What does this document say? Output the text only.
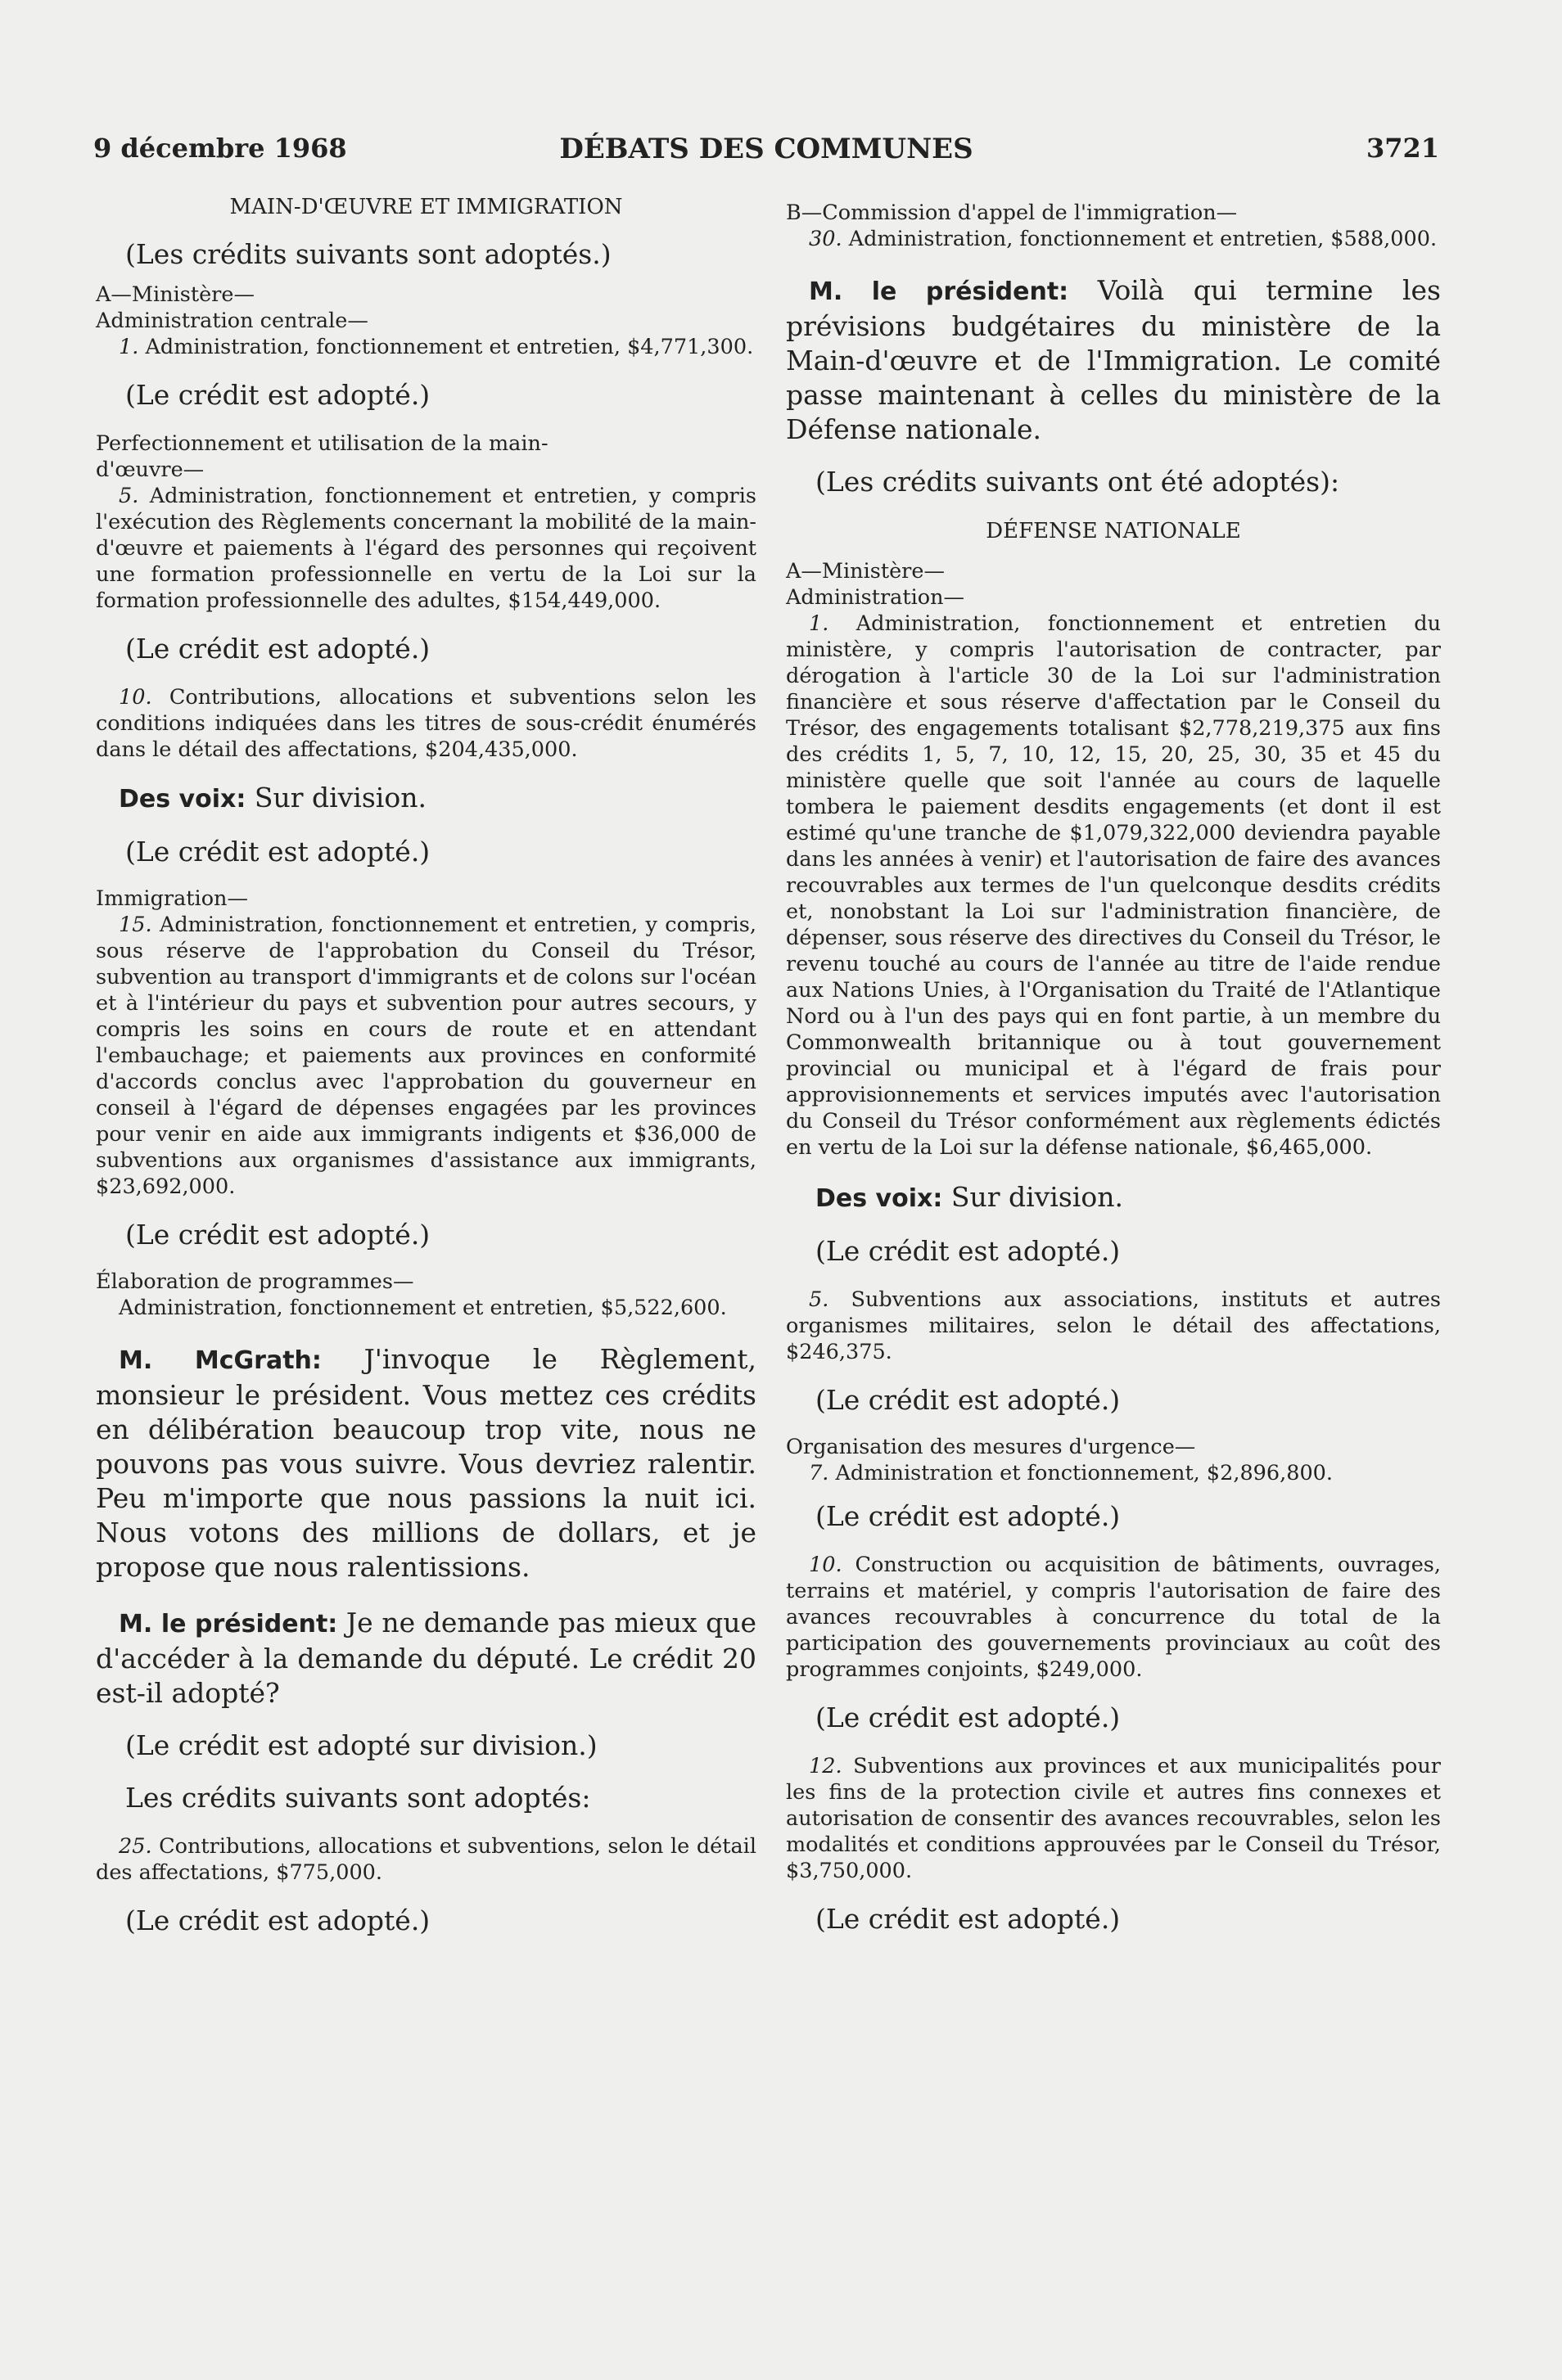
9 décembre 1968	DÉBATS DES COMMUNES	3721

MAIN-D'ŒUVRE ET IMMIGRATION

(Les crédits suivants sont adoptés.)

A—Ministère—

Administration centrale—

1. Administration, fonctionnement et entretien, $4,771,300.

(Le crédit est adopté.)

Perfectionnement et utilisation de la main-d'œuvre—

5. Administration, fonctionnement et entretien, y compris l'exécution des Règlements concernant la mobilité de la main-d'œuvre et paiements à l'égard des personnes qui reçoivent une formation professionnelle en vertu de la Loi sur la formation professionnelle des adultes, $154,449,000.

(Le crédit est adopté.)

10. Contributions, allocations et subventions selon les conditions indiquées dans les titres de sous-crédit énumérés dans le détail des affectations, $204,435,000.

Des voix: Sur division.

(Le crédit est adopté.)

Immigration—

15. Administration, fonctionnement et entretien, y compris, sous réserve de l'approbation du Conseil du Trésor, subvention au transport d'immigrants et de colons sur l'océan et à l'intérieur du pays et subvention pour autres secours, y compris les soins en cours de route et en attendant l'embauchage; et paiements aux provinces en conformité d'accords conclus avec l'approbation du gouverneur en conseil à l'égard de dépenses engagées par les provinces pour venir en aide aux immigrants indigents et $36,000 de subventions aux organismes d'assistance aux immigrants, $23,692,000.

(Le crédit est adopté.)

Élaboration de programmes—

Administration, fonctionnement et entretien, $5,522,600.

M. McGrath: J'invoque le Règlement, monsieur le président. Vous mettez ces crédits en délibération beaucoup trop vite, nous ne pouvons pas vous suivre. Vous devriez ralentir. Peu m'importe que nous passions la nuit ici. Nous votons des millions de dollars, et je propose que nous ralentissions.

M. le président: Je ne demande pas mieux que d'accéder à la demande du député. Le crédit 20 est-il adopté?

(Le crédit est adopté sur division.)

Les crédits suivants sont adoptés:

25. Contributions, allocations et subventions, selon le détail des affectations, $775,000.

(Le crédit est adopté.)

B—Commission d'appel de l'immigration—

30. Administration, fonctionnement et entretien, $588,000.

M. le président: Voilà qui termine les prévisions budgétaires du ministère de la Main-d'œuvre et de l'Immigration. Le comité passe maintenant à celles du ministère de la Défense nationale.

(Les crédits suivants ont été adoptés):

DÉFENSE NATIONALE

A—Ministère—

Administration—

1. Administration, fonctionnement et entretien du ministère, y compris l'autorisation de contracter, par dérogation à l'article 30 de la Loi sur l'administration financière et sous réserve d'affectation par le Conseil du Trésor, des engagements totalisant $2,778,219,375 aux fins des crédits 1, 5, 7, 10, 12, 15, 20, 25, 30, 35 et 45 du ministère quelle que soit l'année au cours de laquelle tombera le paiement desdits engagements (et dont il est estimé qu'une tranche de $1,079,322,000 deviendra payable dans les années à venir) et l'autorisation de faire des avances recouvrables aux termes de l'un quelconque desdits crédits et, nonobstant la Loi sur l'administration financière, de dépenser, sous réserve des directives du Conseil du Trésor, le revenu touché au cours de l'année au titre de l'aide rendue aux Nations Unies, à l'Organisation du Traité de l'Atlantique Nord ou à l'un des pays qui en font partie, à un membre du Commonwealth britannique ou à tout gouvernement provincial ou municipal et à l'égard de frais pour approvisionnements et services imputés avec l'autorisation du Conseil du Trésor conformément aux règlements édictés en vertu de la Loi sur la défense nationale, $6,465,000.

Des voix: Sur division.

(Le crédit est adopté.)

5. Subventions aux associations, instituts et autres organismes militaires, selon le détail des affectations, $246,375.

(Le crédit est adopté.)

Organisation des mesures d'urgence—

7. Administration et fonctionnement, $2,896,800.

(Le crédit est adopté.)

10. Construction ou acquisition de bâtiments, ouvrages, terrains et matériel, y compris l'autorisation de faire des avances recouvrables à concurrence du total de la participation des gouvernements provinciaux au coût des programmes conjoints, $249,000.

(Le crédit est adopté.)

12. Subventions aux provinces et aux municipalités pour les fins de la protection civile et autres fins connexes et autorisation de consentir des avances recouvrables, selon les modalités et conditions approuvées par le Conseil du Trésor, $3,750,000.

(Le crédit est adopté.)
